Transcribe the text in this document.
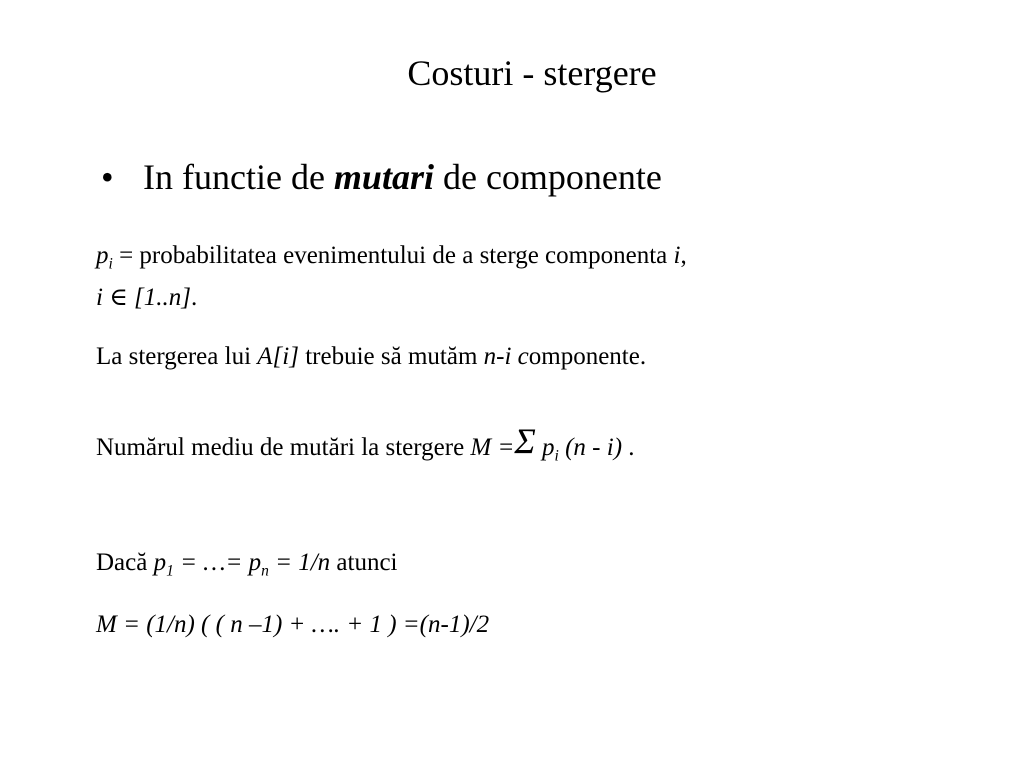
Costuri - stergere
• In functie de mutari de componente
$p_i$ = probabilitatea evenimentului de a sterge componenta i,
i ∈ [1..n].
La stergerea lui A[i] trebuie să mutăm n-i componente.
Numărul mediu de mutări la stergere M =Σ $p_i$ (n - i) .
Dacă $p_1$ = …= $p_n = 1/n$ atunci
M = (1/n) ( ( n –1) + …. + 1 ) =(n-1)/2
